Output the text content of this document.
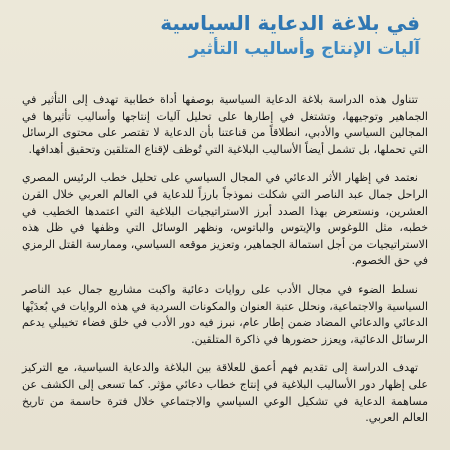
في بلاغة الدعاية السياسية
آليات الإنتاج وأساليب التأثير

تتناول هذه الدراسة بلاغة الدعاية السياسية بوصفها أداة خطابية تهدف إلى التأثير في الجماهير وتوجيهها، وتشتغل في إطارها على تحليل آليات إنتاجها وأساليب تأثيرها في المجالين السياسي والأدبي، انطلاقاً من قناعتنا بأن الدعاية لا تقتصر على محتوى الرسائل التي تحملها، بل تشمل أيضاً الأساليب البلاغية التي تُوظف لإقناع المتلقين وتحقيق أهدافها.

نعتمد في إظهار الأثر الدعائي في المجال السياسي على تحليل خطب الرئيس المصري الراحل جمال عبد الناصر التي شكلت نموذجاً بارزاً للدعاية في العالم العربي خلال القرن العشرين، ونستعرض بهذا الصدد أبرز الاستراتيجيات البلاغية التي اعتمدها الخطيب في خطبه، مثل اللوغوس والإيتوس والباتوس، ونظهر الوسائل التي وظفها في ظل هذه الاستراتيجيات من أجل استمالة الجماهير، وتعزيز موقعه السياسي، وممارسة القتل الرمزي في حق الخصوم.

نسلط الضوء في مجال الأدب على روايات دعائية واكبت مشاريع جمال عبد الناصر السياسية والاجتماعية، ونحلل عتبة العنوان والمكونات السردية في هذه الروايات في بُعدَيْها الدعائي والدعائي المضاد ضمن إطار عام، نبرز فيه دور الأدب في خلق فضاء تخييلي يدعم الرسائل الدعائية، ويعزز حضورها في ذاكرة المتلقين.

تهدف الدراسة إلى تقديم فهم أعمق للعلاقة بين البلاغة والدعاية السياسية، مع التركيز على إظهار دور الأساليب البلاغية في إنتاج خطاب دعائي مؤثر. كما تسعى إلى الكشف عن مساهمة الدعاية في تشكيل الوعي السياسي والاجتماعي خلال فترة حاسمة من تاريخ العالم العربي.
